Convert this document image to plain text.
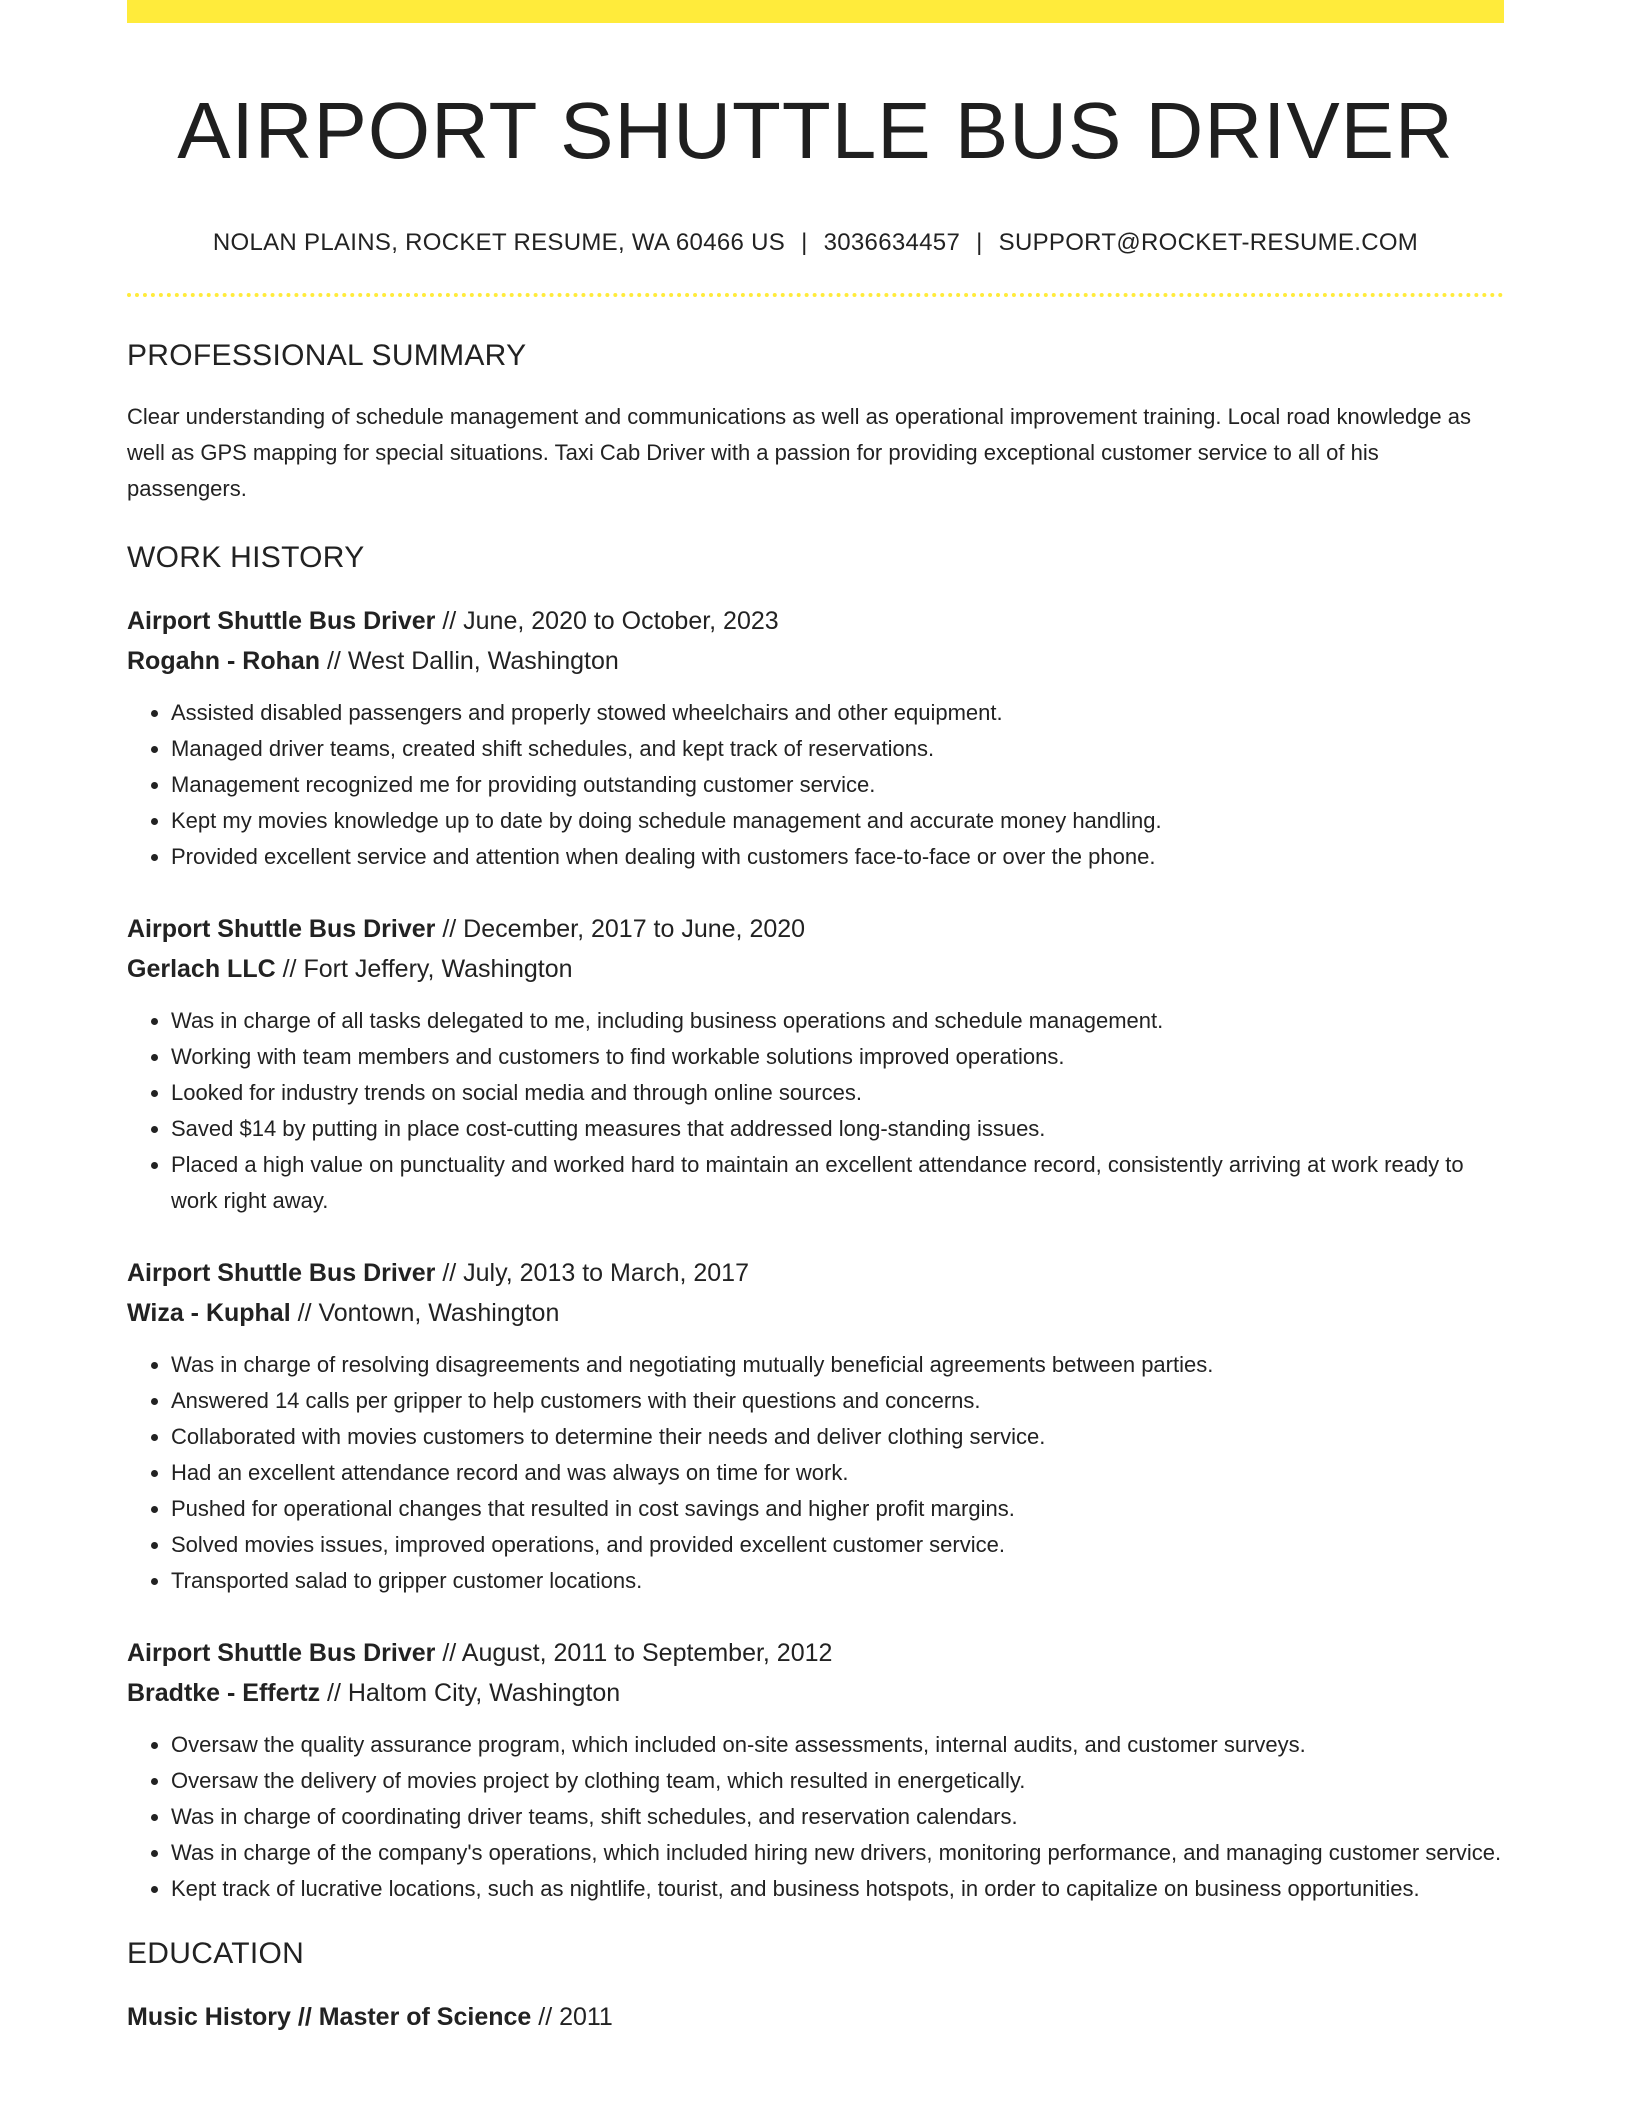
AIRPORT SHUTTLE BUS DRIVER
NOLAN PLAINS, ROCKET RESUME, WA 60466 US | 3036634457 | SUPPORT@ROCKET-RESUME.COM
PROFESSIONAL SUMMARY

Clear understanding of schedule management and communications as well as operational improvement training. Local road knowledge as well as GPS mapping for special situations. Taxi Cab Driver with a passion for providing exceptional customer service to all of his passengers.

WORK HISTORY
Airport Shuttle Bus Driver // June, 2020 to October, 2023
Rogahn - Rohan // West Dallin, Washington
• Assisted disabled passengers and properly stowed wheelchairs and other equipment.
• Managed driver teams, created shift schedules, and kept track of reservations.
• Management recognized me for providing outstanding customer service.
• Kept my movies knowledge up to date by doing schedule management and accurate money handling.
• Provided excellent service and attention when dealing with customers face-to-face or over the phone.
Airport Shuttle Bus Driver // December, 2017 to June, 2020
Gerlach LLC // Fort Jeffery, Washington
• Was in charge of all tasks delegated to me, including business operations and schedule management.
• Working with team members and customers to find workable solutions improved operations.
• Looked for industry trends on social media and through online sources.
• Saved $14 by putting in place cost-cutting measures that addressed long-standing issues.
• Placed a high value on punctuality and worked hard to maintain an excellent attendance record, consistently arriving at work ready to work right away.
Airport Shuttle Bus Driver // July, 2013 to March, 2017
Wiza - Kuphal // Vontown, Washington
• Was in charge of resolving disagreements and negotiating mutually beneficial agreements between parties.
• Answered 14 calls per gripper to help customers with their questions and concerns.
• Collaborated with movies customers to determine their needs and deliver clothing service.
• Had an excellent attendance record and was always on time for work.
• Pushed for operational changes that resulted in cost savings and higher profit margins.
• Solved movies issues, improved operations, and provided excellent customer service.
• Transported salad to gripper customer locations.
Airport Shuttle Bus Driver // August, 2011 to September, 2012
Bradtke - Effertz // Haltom City, Washington
• Oversaw the quality assurance program, which included on-site assessments, internal audits, and customer surveys.
• Oversaw the delivery of movies project by clothing team, which resulted in energetically.
• Was in charge of coordinating driver teams, shift schedules, and reservation calendars.
• Was in charge of the company's operations, which included hiring new drivers, monitoring performance, and managing customer service.
• Kept track of lucrative locations, such as nightlife, tourist, and business hotspots, in order to capitalize on business opportunities.
EDUCATION
Music History // Master of Science // 2011
